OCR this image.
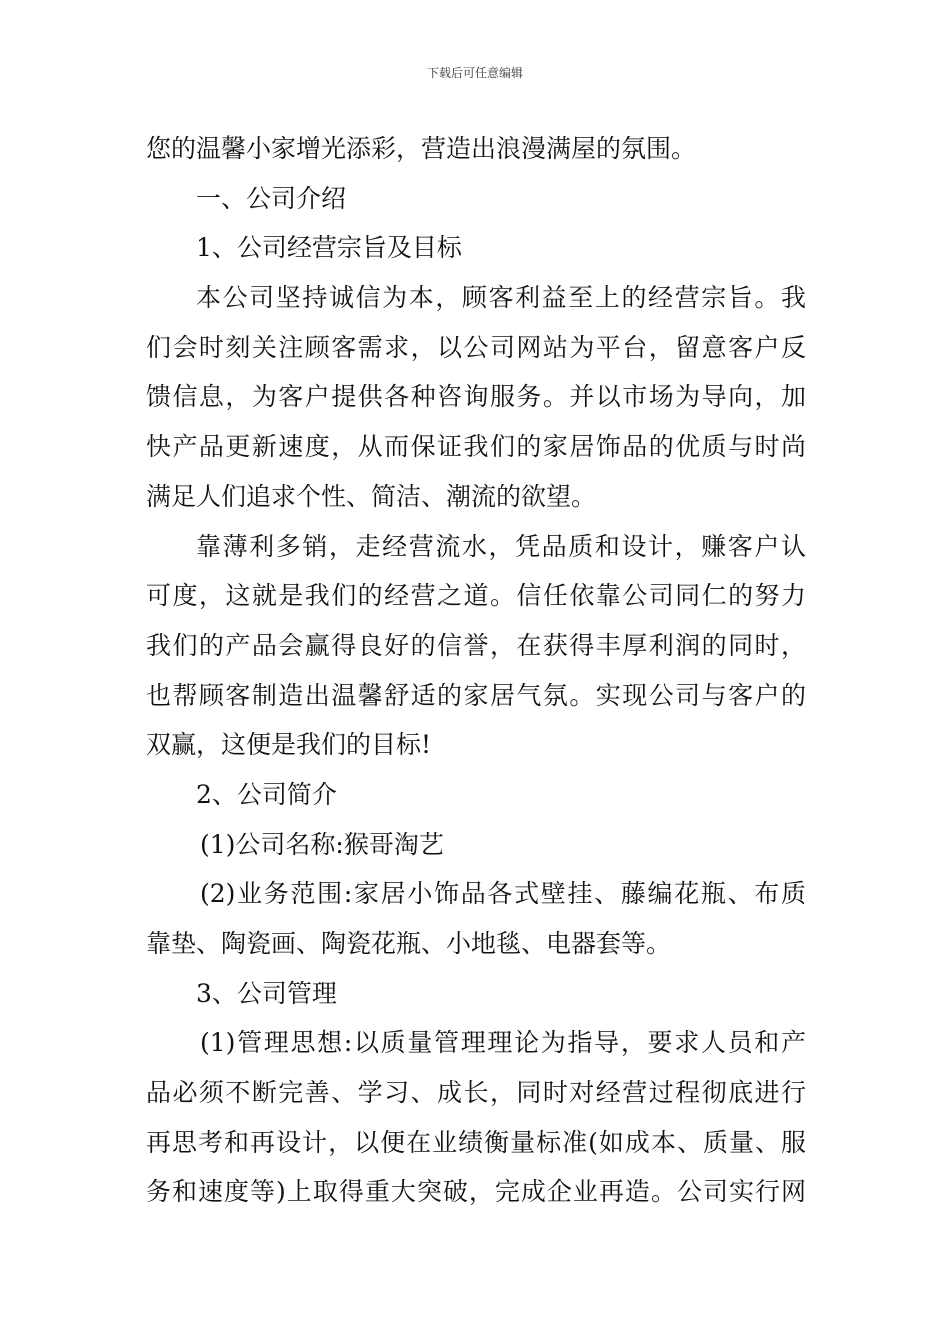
下载后可任意编辑
您的温馨小家增光添彩，营造出浪漫满屋的氛围。
一、公司介绍
1、公司经营宗旨及目标
本公司坚持诚信为本，顾客利益至上的经营宗旨。我
们会时刻关注顾客需求，以公司网站为平台，留意客户反
馈信息，为客户提供各种咨询服务。并以市场为导向，加
快产品更新速度，从而保证我们的家居饰品的优质与时尚
满足人们追求个性、简洁、潮流的欲望。
靠薄利多销，走经营流水，凭品质和设计，赚客户认
可度，这就是我们的经营之道。信任依靠公司同仁的努力
我们的产品会赢得良好的信誉，在获得丰厚利润的同时，
也帮顾客制造出温馨舒适的家居气氛。实现公司与客户的
双赢，这便是我们的目标!
2、公司简介
(1)公司名称:猴哥淘艺
(2)业务范围:家居小饰品各式壁挂、藤编花瓶、布质
靠垫、陶瓷画、陶瓷花瓶、小地毯、电器套等。
3、公司管理
(1)管理思想:以质量管理理论为指导，要求人员和产
品必须不断完善、学习、成长，同时对经营过程彻底进行
再思考和再设计，以便在业绩衡量标准(如成本、质量、服
务和速度等)上取得重大突破，完成企业再造。公司实行网
